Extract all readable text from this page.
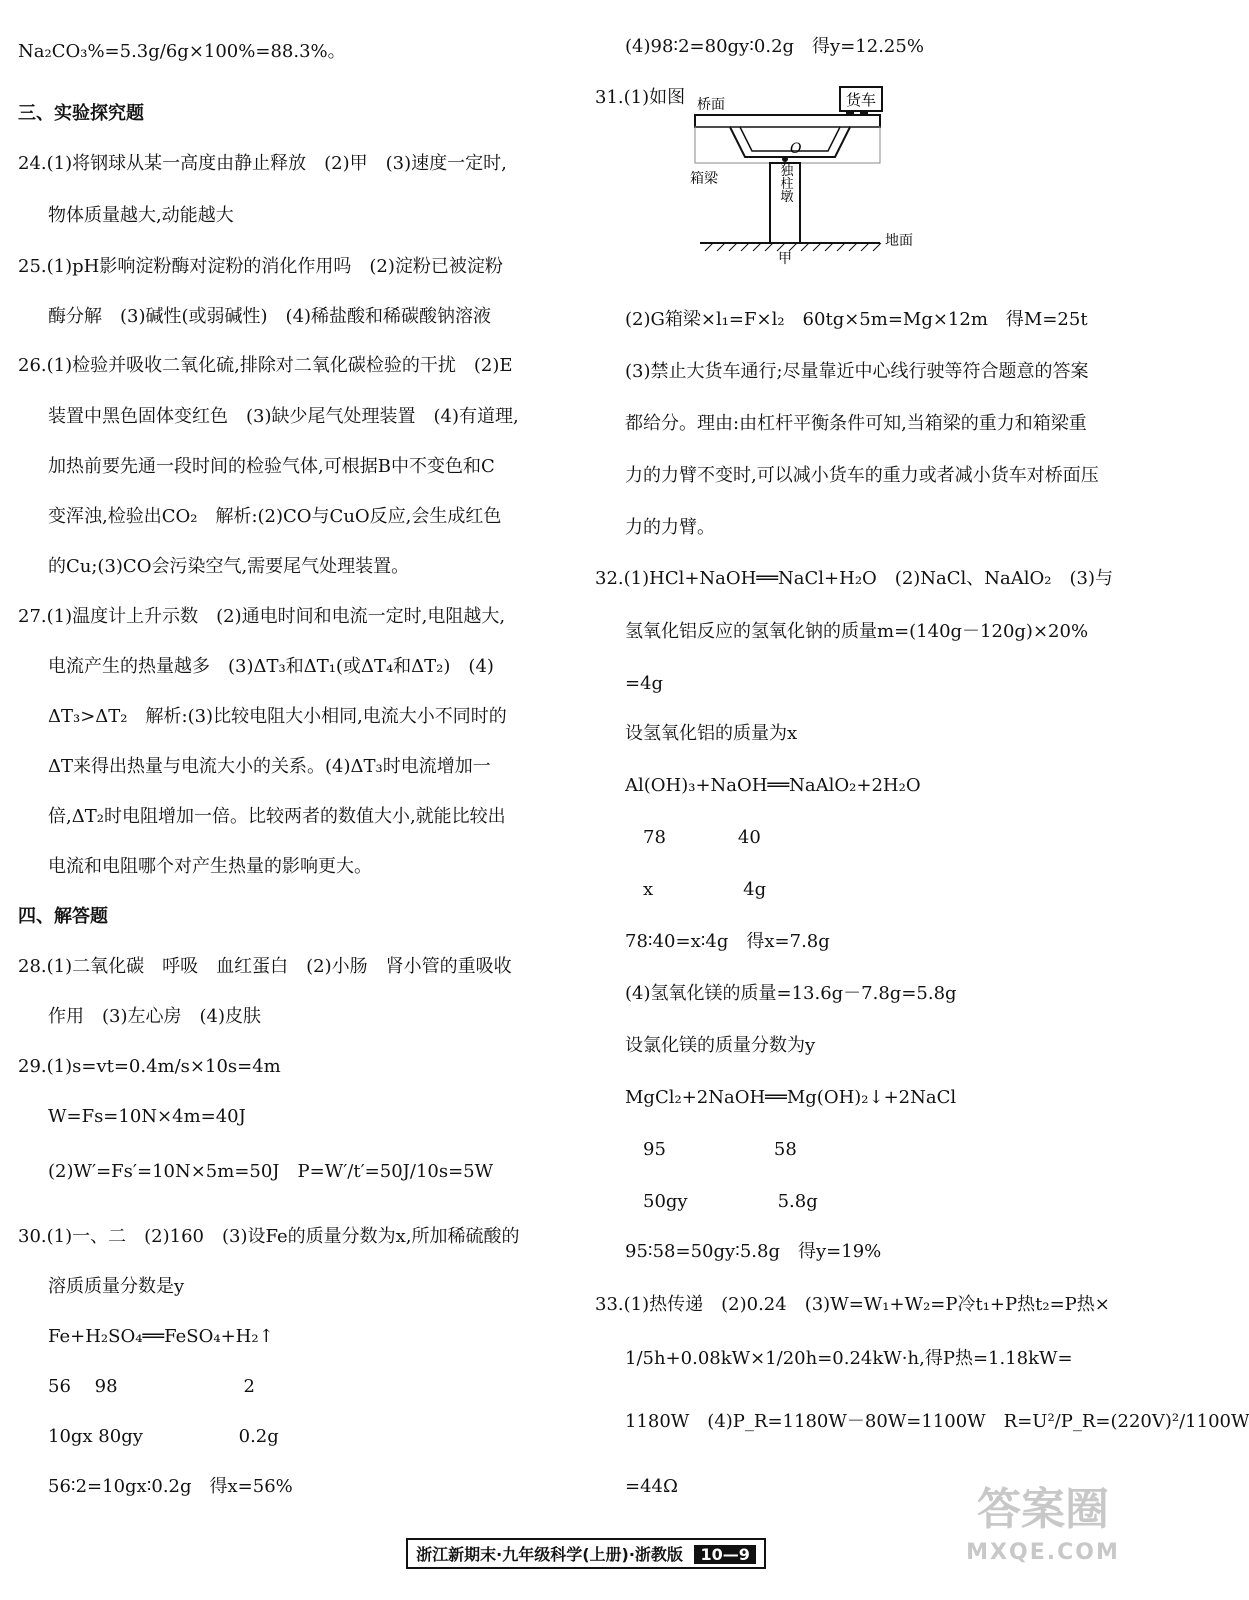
Na₂CO₃%=5.3g/6g×100%=88.3%。
三、实验探究题
24.(1)将钢球从某一高度由静止释放　(2)甲　(3)速度一定时,
物体质量越大,动能越大
25.(1)pH影响淀粉酶对淀粉的消化作用吗　(2)淀粉已被淀粉
酶分解　(3)碱性(或弱碱性)　(4)稀盐酸和稀碳酸钠溶液
26.(1)检验并吸收二氧化硫,排除对二氧化碳检验的干扰　(2)E
装置中黑色固体变红色　(3)缺少尾气处理装置　(4)有道理,
加热前要先通一段时间的检验气体,可根据B中不变色和C
变浑浊,检验出CO₂　解析:(2)CO与CuO反应,会生成红色
的Cu;(3)CO会污染空气,需要尾气处理装置。
27.(1)温度计上升示数　(2)通电时间和电流一定时,电阻越大,
电流产生的热量越多　(3)ΔT₃和ΔT₁(或ΔT₄和ΔT₂)　(4)
ΔT₃>ΔT₂　解析:(3)比较电阻大小相同,电流大小不同时的
ΔT来得出热量与电流大小的关系。(4)ΔT₃时电流增加一
倍,ΔT₂时电阻增加一倍。比较两者的数值大小,就能比较出
电流和电阻哪个对产生热量的影响更大。
四、解答题
28.(1)二氧化碳　呼吸　血红蛋白　(2)小肠　肾小管的重吸收
作用　(3)左心房　(4)皮肤
29.(1)s=vt=0.4m/s×10s=4m
W=Fs=10N×4m=40J
(2)W′=Fs′=10N×5m=50J　P=W′/t′=50J/10s=5W
30.(1)一、二　(2)160　(3)设Fe的质量分数为x,所加稀硫酸的
溶质质量分数是y
Fe+H₂SO₄══FeSO₄+H₂↑
56　 98　　　　　　　2
10gx 80gy　　　　　 0.2g
56∶2=10gx∶0.2g　得x=56%
(4)98∶2=80gy∶0.2g　得y=12.25%
31.(1)如图
(2)G箱梁×l₁=F×l₂　60tg×5m=Mg×12m　得M=25t
(3)禁止大货车通行;尽量靠近中心线行驶等符合题意的答案
都给分。理由:由杠杆平衡条件可知,当箱梁的重力和箱梁重
力的力臂不变时,可以减小货车的重力或者减小货车对桥面压
力的力臂。
32.(1)HCl+NaOH══NaCl+H₂O　(2)NaCl、NaAlO₂　(3)与
氢氧化铝反应的氢氧化钠的质量m=(140g－120g)×20%
=4g
设氢氧化铝的质量为x
Al(OH)₃+NaOH══NaAlO₂+2H₂O
　78　　　　40
　x　　　　　4g
78∶40=x∶4g　得x=7.8g
(4)氢氧化镁的质量=13.6g－7.8g=5.8g
设氯化镁的质量分数为y
MgCl₂+2NaOH══Mg(OH)₂↓+2NaCl
　95　　　　　　58
　50gy　　　　　5.8g
95∶58=50gy∶5.8g　得y=19%
33.(1)热传递　(2)0.24　(3)W=W₁+W₂=P冷t₁+P热t₂=P热×
1/5h+0.08kW×1/20h=0.24kW·h,得P热=1.18kW=
1180W　(4)P_R=1180W－80W=1100W　R=U²/P_R=(220V)²/1100W
=44Ω
货车
O
独柱墩
桥面
箱梁
地面
甲
浙江新期末·九年级科学(上册)·浙教版 10—9
答案圈
MXQE.COM
